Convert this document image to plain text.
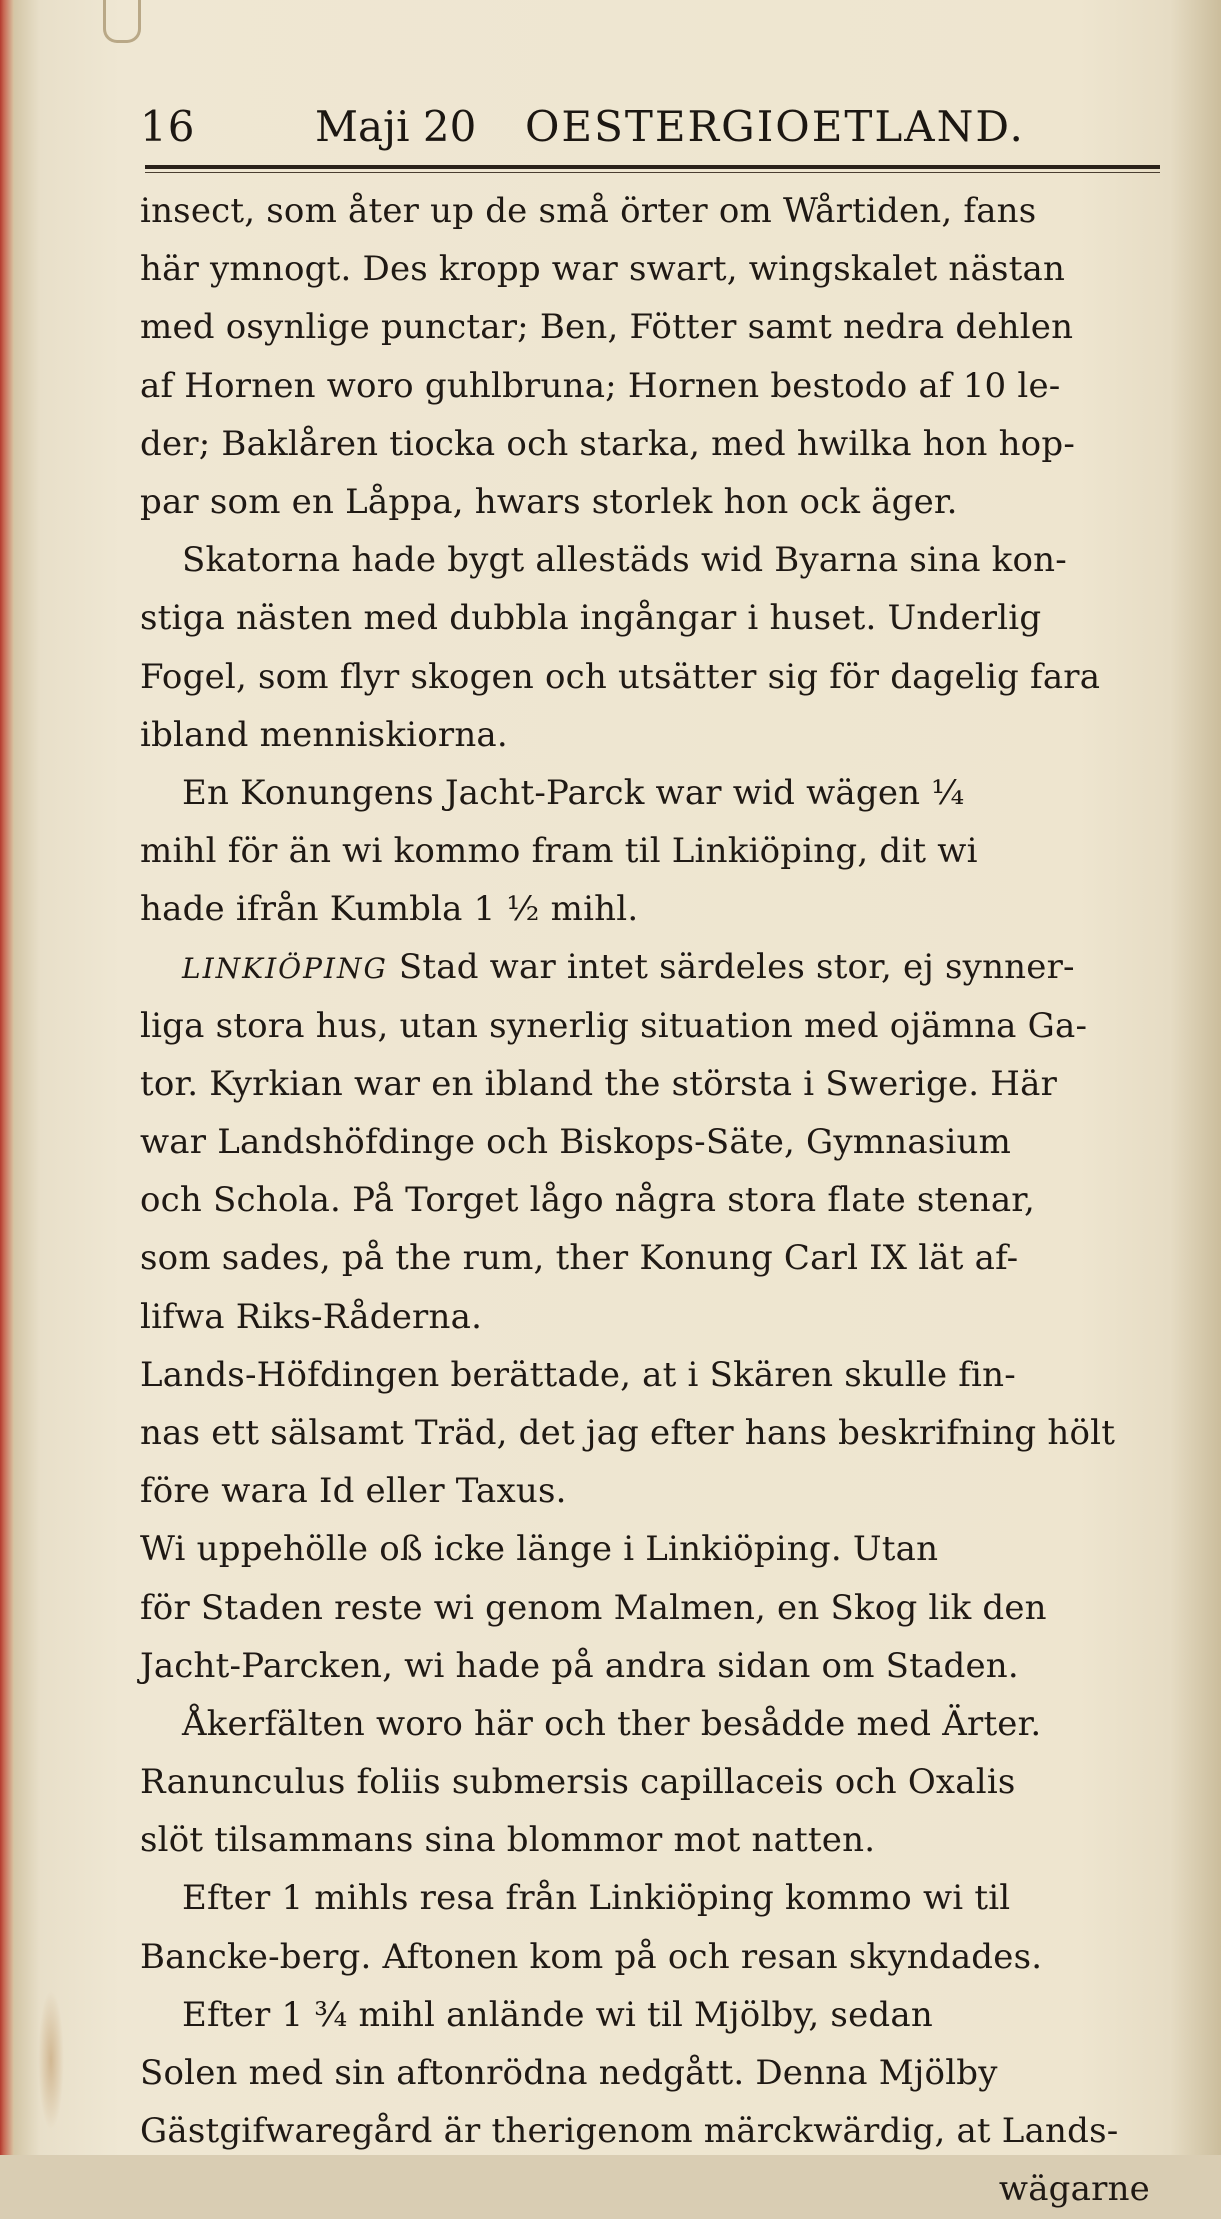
16	Maji 20 OESTERGIOETLAND.
insect, som åter up de små örter om Wårtiden, fans
här ymnogt. Des kropp war swart, wingskalet nästan
med osynlige punctar; Ben, Fötter samt nedra dehlen
af Hornen woro guhlbruna; Hornen bestodo af 10 le-
der; Baklåren tiocka och starka, med hwilka hon hop-
par som en Låppa, hwars storlek hon ock äger.
Skatorna hade bygt allestäds wid Byarna sina kon-
stiga nästen med dubbla ingångar i huset. Underlig
Fogel, som flyr skogen och utsätter sig för dagelig fara
ibland menniskiorna.
En Konungens Jacht-Parck war wid wägen ¼
mihl för än wi kommo fram til Linkiöping, dit wi
hade ifrån Kumbla 1 ½ mihl.
LINKIÖPING Stad war intet särdeles stor, ej synner-
liga stora hus, utan synerlig situation med ojämna Ga-
tor. Kyrkian war en ibland the största i Swerige. Här
war Landshöfdinge och Biskops-Säte, Gymnasium
och Schola. På Torget lågo några stora flate stenar,
som sades, på the rum, ther Konung Carl IX lät af-
lifwa Riks-Råderna.
Lands-Höfdingen berättade, at i Skären skulle fin-
nas ett sälsamt Träd, det jag efter hans beskrifning hölt
före wara Id eller Taxus.
Wi uppehölle oß icke länge i Linkiöping. Utan
för Staden reste wi genom Malmen, en Skog lik den
Jacht-Parcken, wi hade på andra sidan om Staden.
Åkerfälten woro här och ther besådde med Ärter.
Ranunculus foliis submersis capillaceis och Oxalis
slöt tilsammans sina blommor mot natten.
Efter 1 mihls resa från Linkiöping kommo wi til
Bancke-berg. Aftonen kom på och resan skyndades.
Efter 1 ¾ mihl anlände wi til Mjölby, sedan
Solen med sin aftonrödna nedgått. Denna Mjölby
Gästgifwaregård är therigenom märckwärdig, at Lands-
wägarne
